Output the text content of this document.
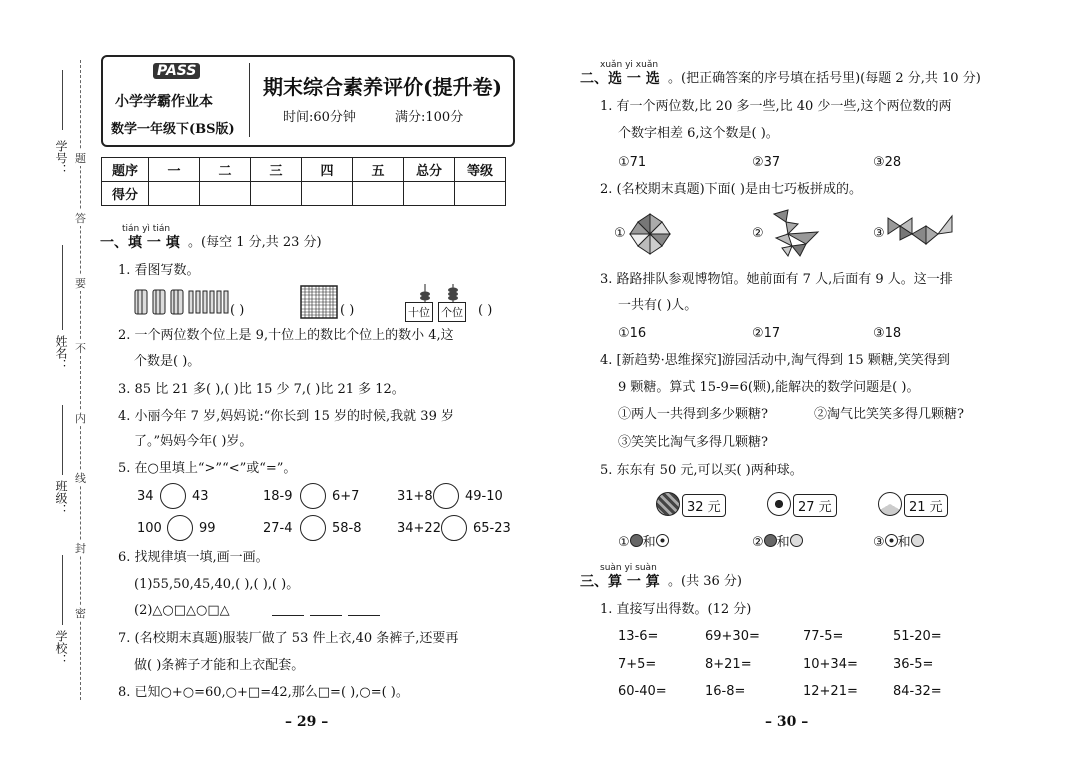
学号：
姓名：
班级：
学校：
题
答
要
不
内
线
封
密
PASS
小学学霸作业本
数学一年级下(BS版)
期末综合素养评价(提升卷)
时间:60分钟	满分:100分
题序	一	二	三	四	五	总分	等级
得分							
tián yì tián
一、填 一 填 。(每空 1 分,共 23 分)
1. 看图写数。
( )	( )	十位 个位 ( )
2. 一个两位数个位上是 9,十位上的数比个位上的数小 4,这
个数是( )。
3. 85 比 21 多( ),( )比 15 少 7,( )比 21 多 12。
4. 小丽今年 7 岁,妈妈说:“你长到 15 岁的时候,我就 39 岁
了。”妈妈今年( )岁。
5. 在○里填上“>”“<”或“=”。
34	43	18-9	6+7	31+8 49-10
100	99	27-4	58-8	34+22 65-23
6. 找规律填一填,画一画。
(1)55,50,45,40,( ),( ),( )。
(2)△○□△○□△
7. (名校期末真题)服装厂做了 53 件上衣,40 条裤子,还要再
做( )条裤子才能和上衣配套。
8. 已知○+○=60,○+□=42,那么□=( ),○=( )。
– 29 –
xuǎn yi xuǎn
二、选 一 选 。(把正确答案的序号填在括号里)(每题 2 分,共 10 分)
1. 有一个两位数,比 20 多一些,比 40 少一些,这个两位数的两
个数字相差 6,这个数是( )。
①71	②37	③28
2. (名校期末真题)下面( )是由七巧板拼成的。
①	②	③
3. 路路排队参观博物馆。她前面有 7 人,后面有 9 人。这一排
一共有( )人。
①16	②17	③18
4. [新趋势·思维探究]游园活动中,淘气得到 15 颗糖,笑笑得到
9 颗糖。算式 15-9=6(颗),能解决的数学问题是( )。
①两人一共得到多少颗糖?	②淘气比笑笑多得几颗糖?
③笑笑比淘气多得几颗糖?
5. 东东有 50 元,可以买( )两种球。
32 元	27 元	21 元
① 和	② 和	③ 和
suàn yi suàn
三、算 一 算 。(共 36 分)
1. 直接写出得数。(12 分)
13-6=	69+30=	77-5=	51-20=
7+5=	8+21=	10+34=	36-5=
60-40=	16-8=	12+21=	84-32=
– 30 –
